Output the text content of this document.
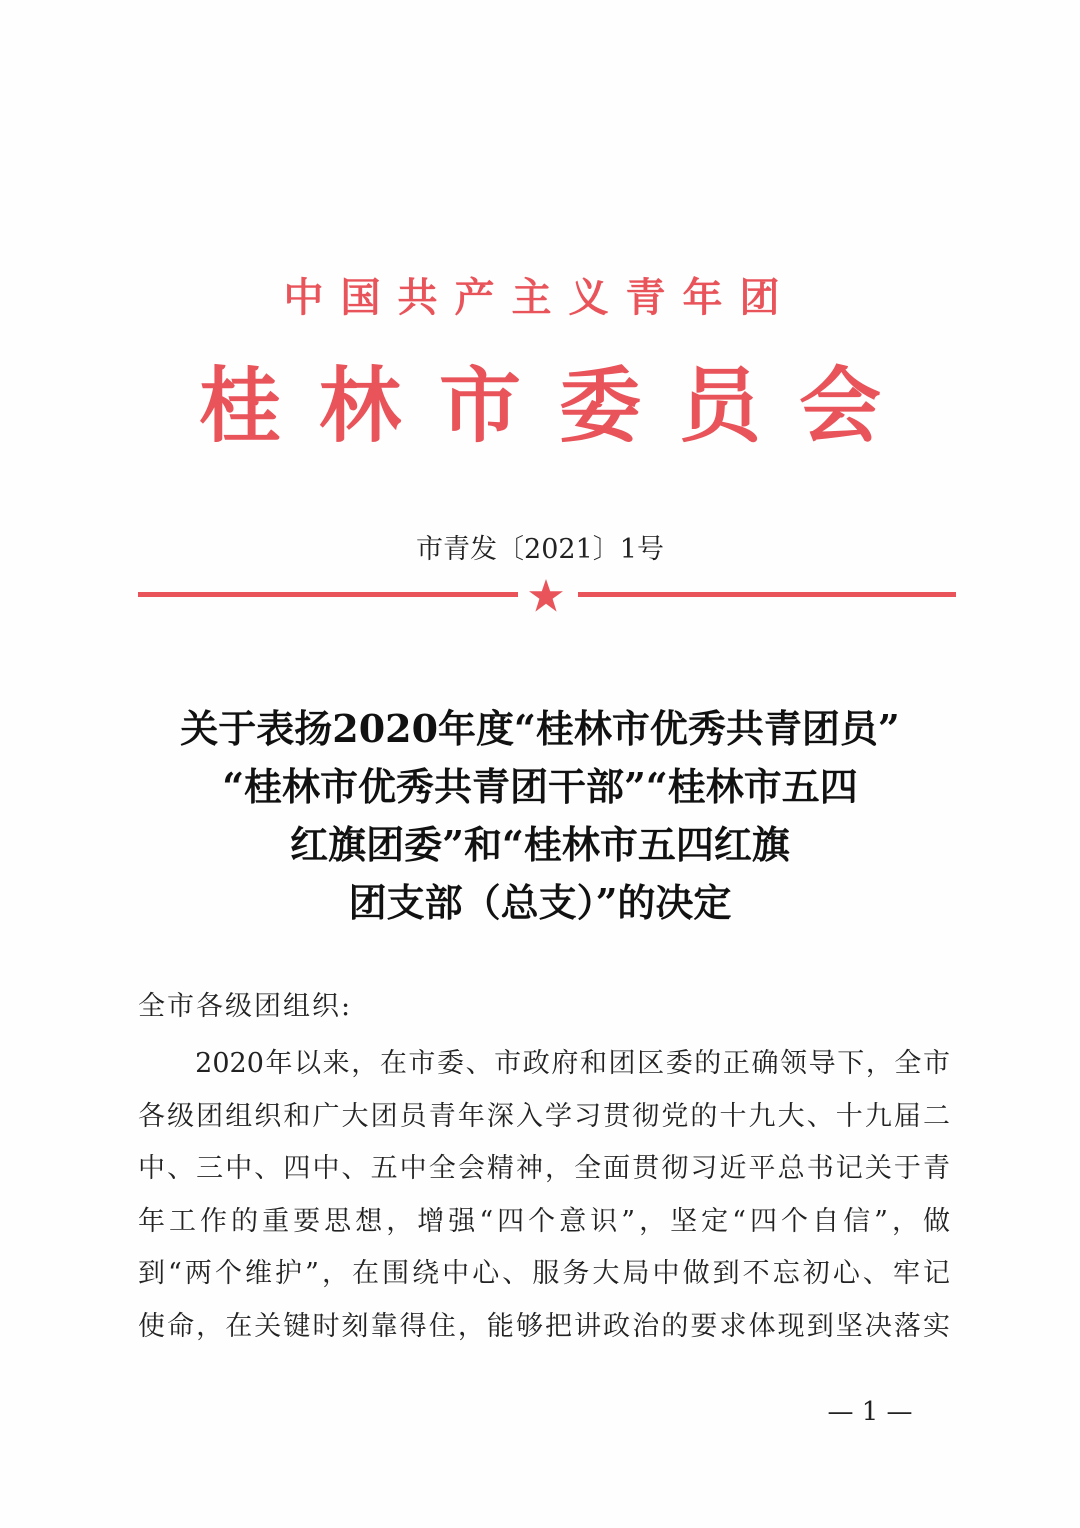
中国共产主义青年团
桂林市委员会
市青发〔2021〕1号
关于表扬2020年度“桂林市优秀共青团员”
“桂林市优秀共青团干部”“桂林市五四
红旗团委”和“桂林市五四红旗
团支部（总支）”的决定
全市各级团组织:
　　2020年以来，在市委、市政府和团区委的正确领导下，全市
各级团组织和广大团员青年深入学习贯彻党的十九大、十九届二
中、三中、四中、五中全会精神，全面贯彻习近平总书记关于青
年工作的重要思想，增强“四个意识”，坚定“四个自信”，做
到“两个维护”，在围绕中心、服务大局中做到不忘初心、牢记
使命，在关键时刻靠得住，能够把讲政治的要求体现到坚决落实
— 1 —
